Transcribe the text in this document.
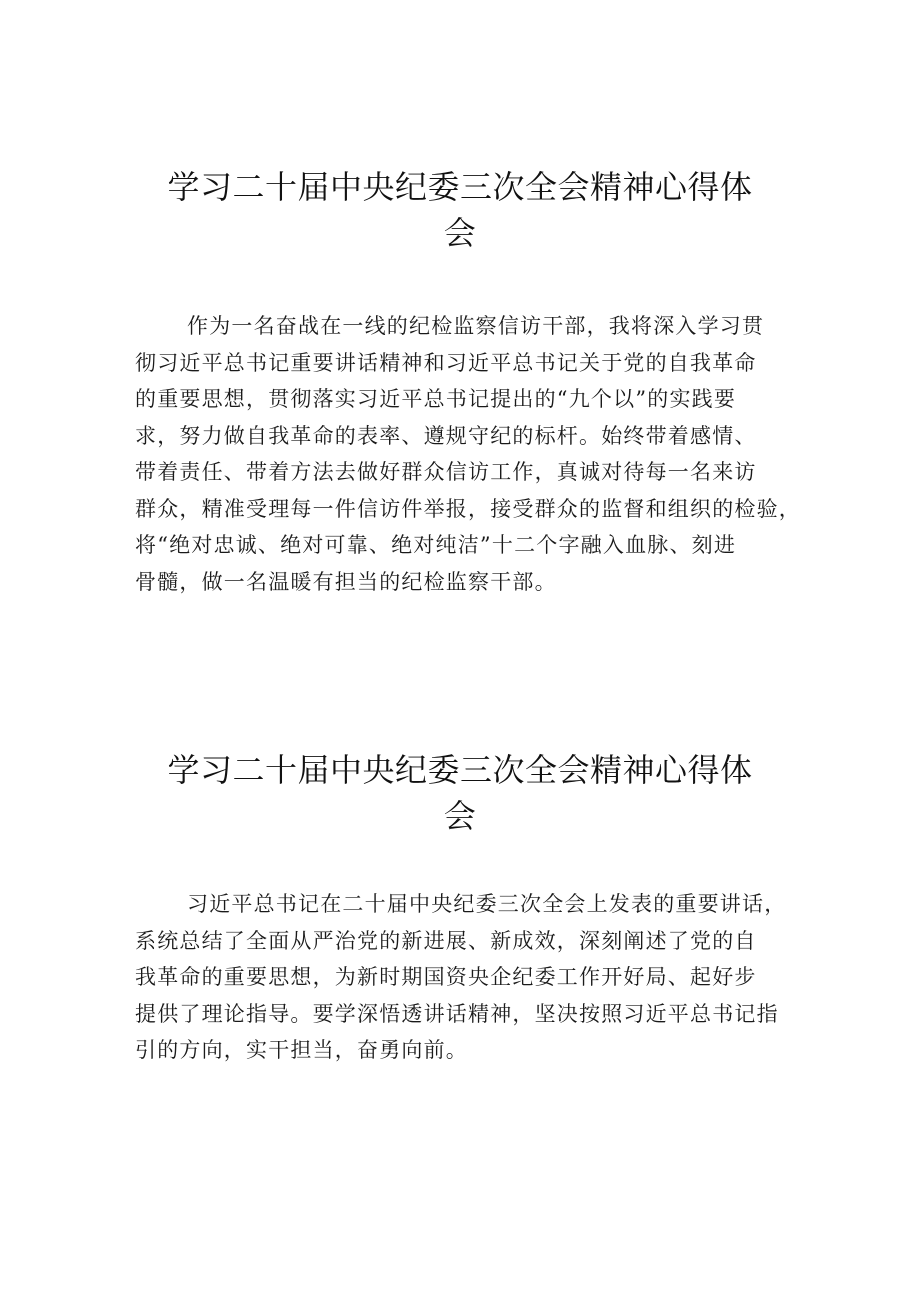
学习二十届中央纪委三次全会精神心得体
会
作为一名奋战在一线的纪检监察信访干部，我将深入学习贯
彻习近平总书记重要讲话精神和习近平总书记关于党的自我革命
的重要思想，贯彻落实习近平总书记提出的“九个以”的实践要
求，努力做自我革命的表率、遵规守纪的标杆。始终带着感情、
带着责任、带着方法去做好群众信访工作，真诚对待每一名来访
群众，精准受理每一件信访件举报，接受群众的监督和组织的检验，
将“绝对忠诚、绝对可靠、绝对纯洁”十二个字融入血脉、刻进
骨髓，做一名温暖有担当的纪检监察干部。
学习二十届中央纪委三次全会精神心得体
会
习近平总书记在二十届中央纪委三次全会上发表的重要讲话，
系统总结了全面从严治党的新进展、新成效，深刻阐述了党的自
我革命的重要思想，为新时期国资央企纪委工作开好局、起好步
提供了理论指导。要学深悟透讲话精神，坚决按照习近平总书记指
引的方向，实干担当，奋勇向前。
